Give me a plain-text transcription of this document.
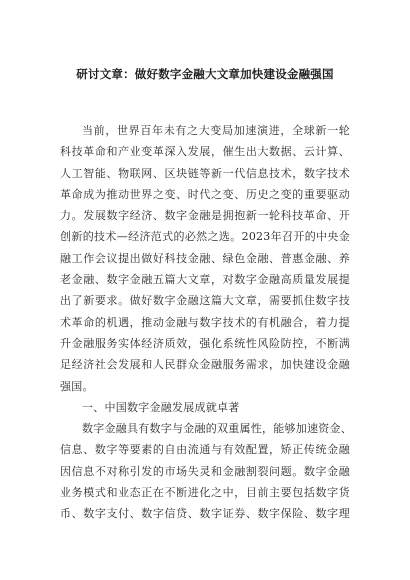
研讨文章：做好数字金融大文章加快建设金融强国
当前，世界百年未有之大变局加速演进，全球新一轮
科技革命和产业变革深入发展，催生出大数据、云计算、
人工智能、物联网、区块链等新一代信息技术，数字技术
革命成为推动世界之变、时代之变、历史之变的重要驱动
力。发展数字经济、数字金融是拥抱新一轮科技革命、开
创新的技术—经济范式的必然之选。2023年召开的中央金
融工作会议提出做好科技金融、绿色金融、普惠金融、养
老金融、数字金融五篇大文章，对数字金融高质量发展提
出了新要求。做好数字金融这篇大文章，需要抓住数字技
术革命的机遇，推动金融与数字技术的有机融合，着力提
升金融服务实体经济质效，强化系统性风险防控，不断满
足经济社会发展和人民群众金融服务需求，加快建设金融
强国。
一、中国数字金融发展成就卓著
数字金融具有数字与金融的双重属性，能够加速资金、
信息、数字等要素的自由流通与有效配置，矫正传统金融
因信息不对称引发的市场失灵和金融割裂问题。数字金融
业务模式和业态正在不断进化之中，目前主要包括数字货
币、数字支付、数字信贷、数字证券、数字保险、数字理
